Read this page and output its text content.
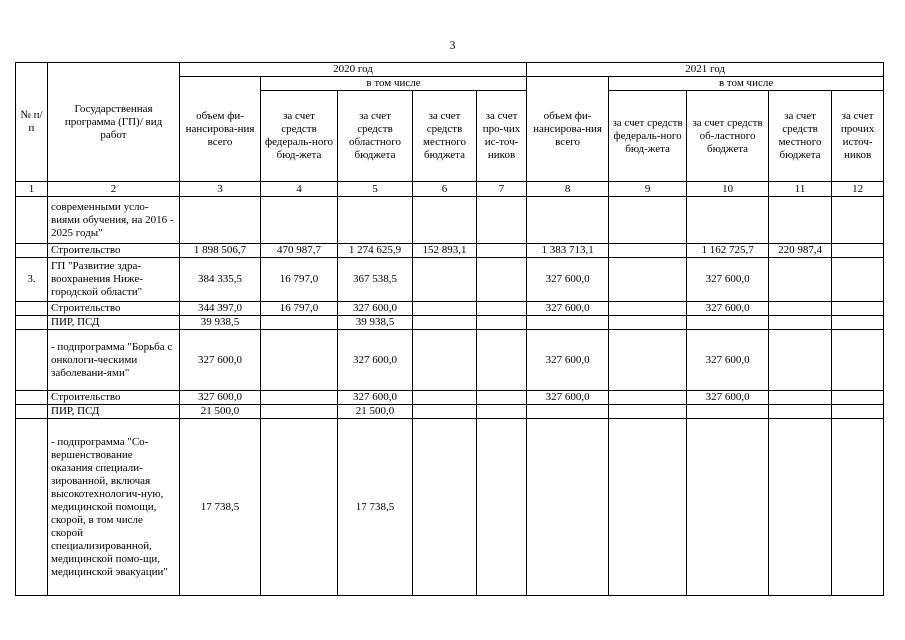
3
№ п/п	Государственная программа (ГП)/ вид работ	2020 год					2021 год				
		объем фи-нансирова-ния всего	в том числе				объем фи-нансирова-ния всего	в том числе			
			за счет средств федераль-ного бюд-жета	за счет средств областного бюджета	за счет средств местного бюджета	за счет про-чих ис-точ-ников		за счет средств федераль-ного бюд-жета	за счет средств об-ластного бюджета	за счет средств местного бюджета	за счет прочих источ-ников
1	2	3	4	5	6	7	8	9	10	11	12
	современными усло-виями обучения, на 2016 - 2025 годы"										
	Строительство	1 898 506,7	470 987,7	1 274 625,9	152 893,1		1 383 713,1		1 162 725,7	220 987,4	
3.	ГП "Развитие здра-воохранения Ниже-городской области"	384 335,5	16 797,0	367 538,5			327 600,0		327 600,0		
	Строительство	344 397,0	16 797,0	327 600,0			327 600,0		327 600,0		
	ПИР, ПСД	39 938,5		39 938,5							
	- подпрограмма "Борьба с онкологи-ческими заболевани-ями"	327 600,0		327 600,0			327 600,0		327 600,0		
	Строительство	327 600,0		327 600,0			327 600,0		327 600,0		
	ПИР, ПСД	21 500,0		21 500,0							
	- подпрограмма "Со-вершенствование оказания специали-зированной, включая высокотехнологич-ную, медицинской помощи, скорой, в том числе скорой специализированной, медицинской помо-щи, медицинской эвакуации"	17 738,5		17 738,5							
